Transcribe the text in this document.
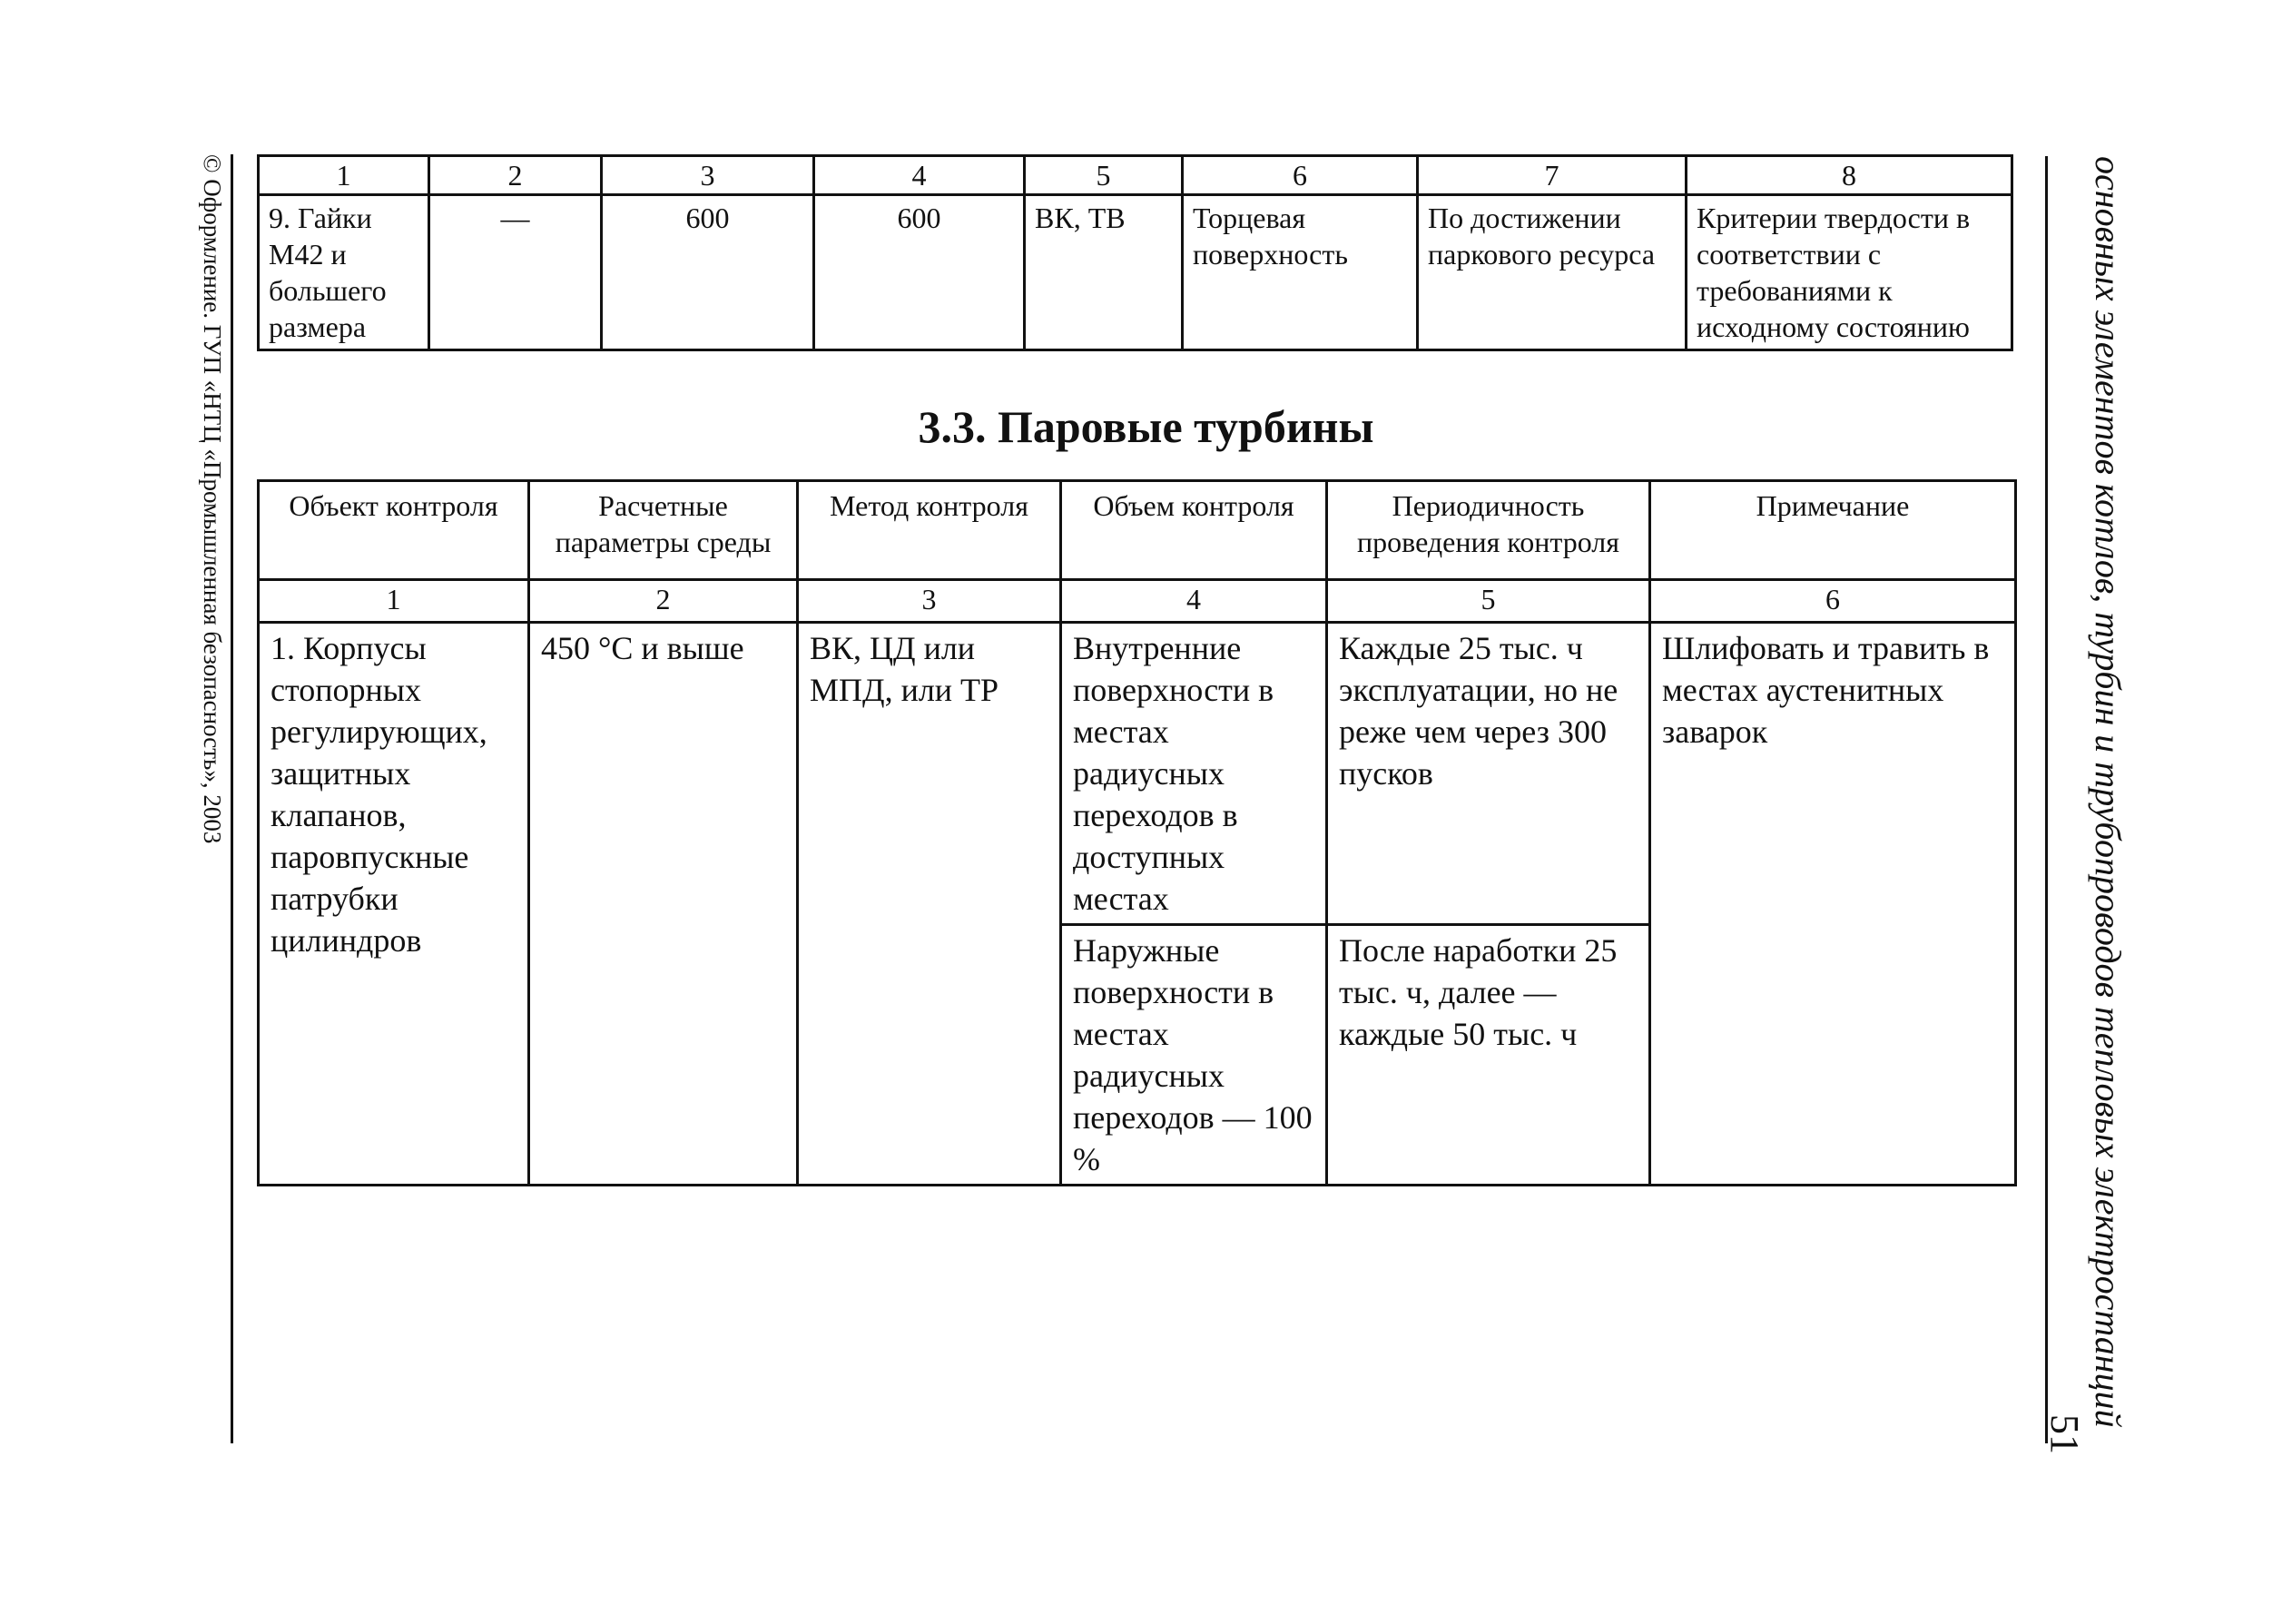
© Оформление. ГУП «НТЦ «Промышленная безопасность», 2003	основных элементов котлов, турбин и трубопроводов тепловых электростанций
51
1	2	3	4	5	6	7	8
9. Гайки М42 и большего размера	—	600	600	ВК, ТВ	Торцевая поверхность	По достижении паркового ресурса	Критерии твердости в соответствии с требованиями к исходному состоянию
3.3. Паровые турбины
Объект контроля	Расчетные параметры среды	Метод контроля	Объем контроля	Периодичность проведения контроля	Примечание
1	2	3	4	5	6
1. Корпусы стопорных регулирующих, защитных клапанов, паровпускные патрубки цилиндров	450 °С и выше	ВК, ЦД или МПД, или ТР	Внутренние поверхности в местах радиусных переходов в доступных местах	Каждые 25 тыс. ч эксплуатации, но не реже чем через 300 пусков	Шлифовать и травить в местах аустенитных заварок
			Наружные поверхности в местах радиусных переходов — 100 %	После наработки 25 тыс. ч, далее — каждые 50 тыс. ч	
